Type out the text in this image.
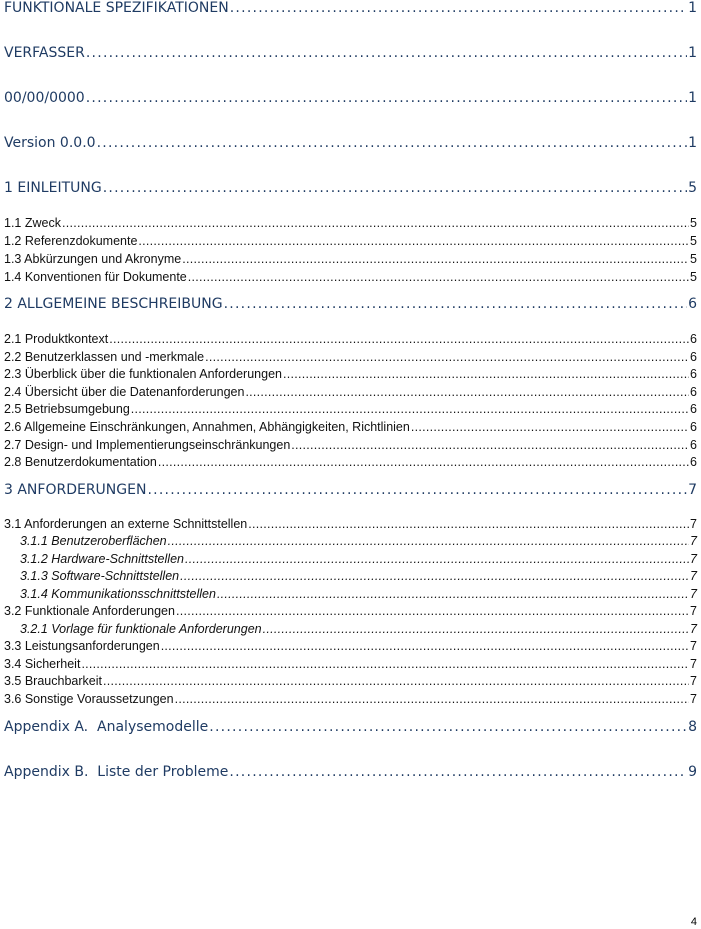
FUNKTIONALE SPEZIFIKATIONEN . . .	1
VERFASSER . . .	1
00/00/0000 . . .	1
Version 0.0.0 . . .	1
1 EINLEITUNG . . .	5
1.1 Zweck . . .	5
1.2 Referenzdokumente . . .	5
1.3 Abkürzungen und Akronyme . . .	5
1.4 Konventionen für Dokumente . . .	5
2 ALLGEMEINE BESCHREIBUNG . . .	6
2.1 Produktkontext . . .	6
2.2 Benutzerklassen und -merkmale . . .	6
2.3 Überblick über die funktionalen Anforderungen . . .	6
2.4 Übersicht über die Datenanforderungen . . .	6
2.5 Betriebsumgebung . . .	6
2.6 Allgemeine Einschränkungen, Annahmen, Abhängigkeiten, Richtlinien . . .	6
2.7 Design- und Implementierungseinschränkungen . . .	6
2.8 Benutzerdokumentation . . .	6
3 ANFORDERUNGEN . . .	7
3.1 Anforderungen an externe Schnittstellen . . .	7
3.1.1 Benutzeroberflächen . . .	7
3.1.2 Hardware-Schnittstellen . . .	7
3.1.3 Software-Schnittstellen . . .	7
3.1.4 Kommunikationsschnittstellen . . .	7
3.2 Funktionale Anforderungen . . .	7
3.2.1 Vorlage für funktionale Anforderungen . . .	7
3.3 Leistungsanforderungen . . .	7
3.4 Sicherheit . . .	7
3.5 Brauchbarkeit . . .	7
3.6 Sonstige Voraussetzungen . . .	7
Appendix A.  Analysemodelle . . .	8
Appendix B.  Liste der Probleme . . .	9
4
